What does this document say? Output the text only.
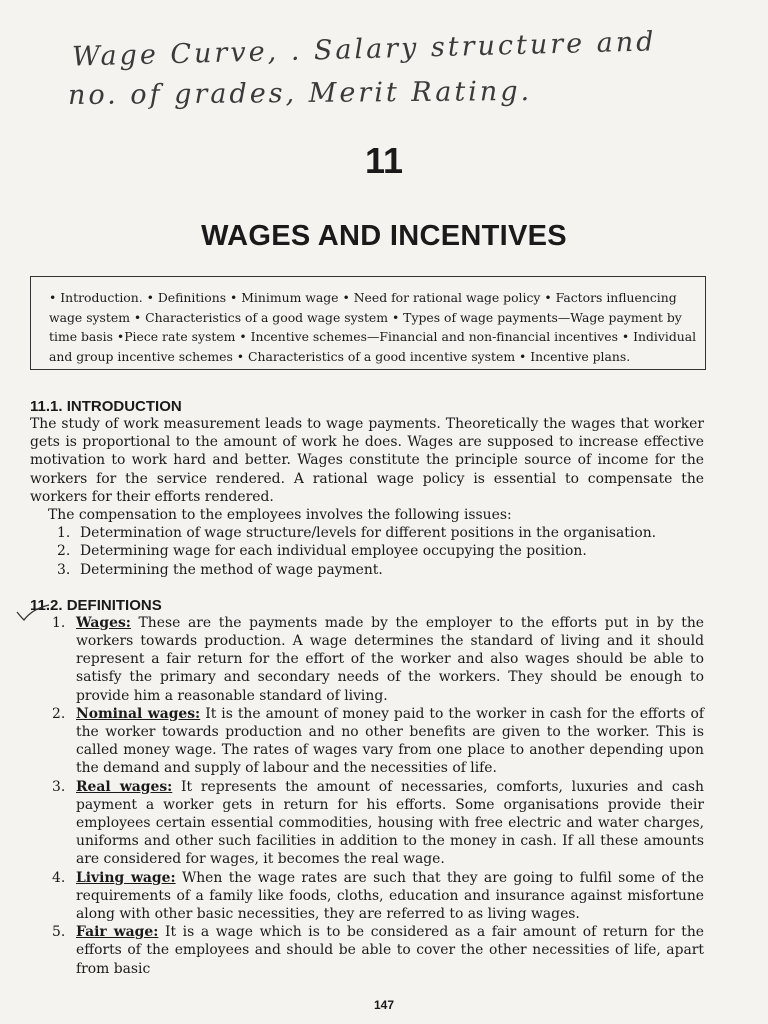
Wage Curve, . Salary structure and
no. of grades, Merit Rating.
11
WAGES AND INCENTIVES
• Introduction. • Definitions • Minimum wage • Need for rational wage policy • Factors influencing
wage system • Characteristics of a good wage system • Types of wage payments—Wage payment by
time basis •Piece rate system • Incentive schemes—Financial and non-financial incentives • Individual
and group incentive schemes • Characteristics of a good incentive system • Incentive plans.
11.1. INTRODUCTION

The study of work measurement leads to wage payments. Theoretically the wages that worker gets is proportional to the amount of work he does. Wages are supposed to increase effective motivation to work hard and better. Wages constitute the principle source of income for the workers for the service rendered. A rational wage policy is essential to compensate the workers for their efforts rendered.

The compensation to the employees involves the following issues:

1. Determination of wage structure/levels for different positions in the organisation.
2. Determining wage for each individual employee occupying the position.
3. Determining the method of wage payment.
11.2. DEFINITIONS
1. Wages: These are the payments made by the employer to the efforts put in by the workers towards production. A wage determines the standard of living and it should represent a fair return for the effort of the worker and also wages should be able to satisfy the primary and secondary needs of the workers. They should be enough to provide him a reasonable standard of living.
2. Nominal wages: It is the amount of money paid to the worker in cash for the efforts of the worker towards production and no other benefits are given to the worker. This is called money wage. The rates of wages vary from one place to another depending upon the demand and supply of labour and the necessities of life.
3. Real wages: It represents the amount of necessaries, comforts, luxuries and cash payment a worker gets in return for his efforts. Some organisations provide their employees certain essential commodities, housing with free electric and water charges, uniforms and other such facilities in addition to the money in cash. If all these amounts are considered for wages, it becomes the real wage.
4. Living wage: When the wage rates are such that they are going to fulfil some of the requirements of a family like foods, cloths, education and insurance against misfortune along with other basic necessities, they are referred to as living wages.
5. Fair wage: It is a wage which is to be considered as a fair amount of return for the efforts of the employees and should be able to cover the other necessities of life, apart from basic
147
